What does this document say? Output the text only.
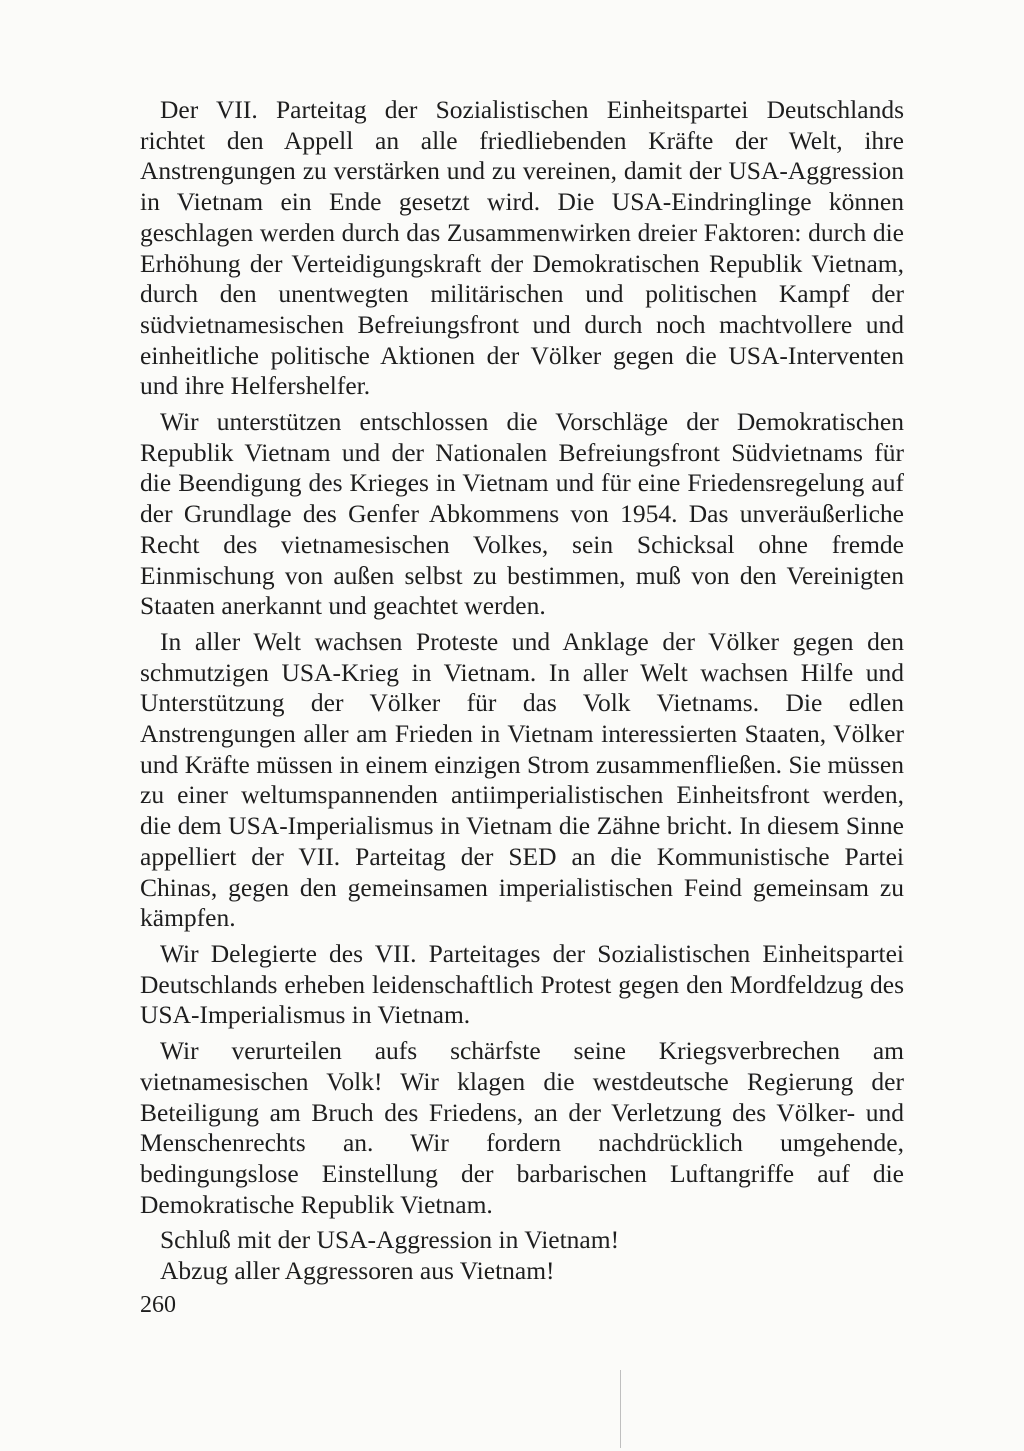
Der VII. Parteitag der Sozialistischen Einheitspartei Deutschlands richtet den Appell an alle friedliebenden Kräfte der Welt, ihre Anstrengungen zu verstärken und zu vereinen, damit der USA-Aggression in Vietnam ein Ende gesetzt wird. Die USA-Eindringlinge können geschlagen werden durch das Zusammenwirken dreier Faktoren: durch die Erhöhung der Verteidigungskraft der Demokratischen Republik Vietnam, durch den unentwegten militärischen und politischen Kampf der südvietnamesischen Befreiungsfront und durch noch machtvollere und einheitliche politische Aktionen der Völker gegen die USA-Interventen und ihre Helfershelfer.

Wir unterstützen entschlossen die Vorschläge der Demokratischen Republik Vietnam und der Nationalen Befreiungsfront Südvietnams für die Beendigung des Krieges in Vietnam und für eine Friedensregelung auf der Grundlage des Genfer Abkommens von 1954. Das unveräußerliche Recht des vietnamesischen Volkes, sein Schicksal ohne fremde Einmischung von außen selbst zu bestimmen, muß von den Vereinigten Staaten anerkannt und geachtet werden.

In aller Welt wachsen Proteste und Anklage der Völker gegen den schmutzigen USA-Krieg in Vietnam. In aller Welt wachsen Hilfe und Unterstützung der Völker für das Volk Vietnams. Die edlen Anstrengungen aller am Frieden in Vietnam interessierten Staaten, Völker und Kräfte müssen in einem einzigen Strom zusammenfließen. Sie müssen zu einer weltumspannenden antiimperialistischen Einheitsfront werden, die dem USA-Imperialismus in Vietnam die Zähne bricht. In diesem Sinne appelliert der VII. Parteitag der SED an die Kommunistische Partei Chinas, gegen den gemeinsamen imperialistischen Feind gemeinsam zu kämpfen.

Wir Delegierte des VII. Parteitages der Sozialistischen Einheitspartei Deutschlands erheben leidenschaftlich Protest gegen den Mordfeldzug des USA-Imperialismus in Vietnam.

Wir verurteilen aufs schärfste seine Kriegsverbrechen am vietnamesischen Volk! Wir klagen die westdeutsche Regierung der Beteiligung am Bruch des Friedens, an der Verletzung des Völker- und Menschenrechts an. Wir fordern nachdrücklich umgehende, bedingungslose Einstellung der barbarischen Luftangriffe auf die Demokratische Republik Vietnam.

Schluß mit der USA-Aggression in Vietnam!

Abzug aller Aggressoren aus Vietnam!

260
